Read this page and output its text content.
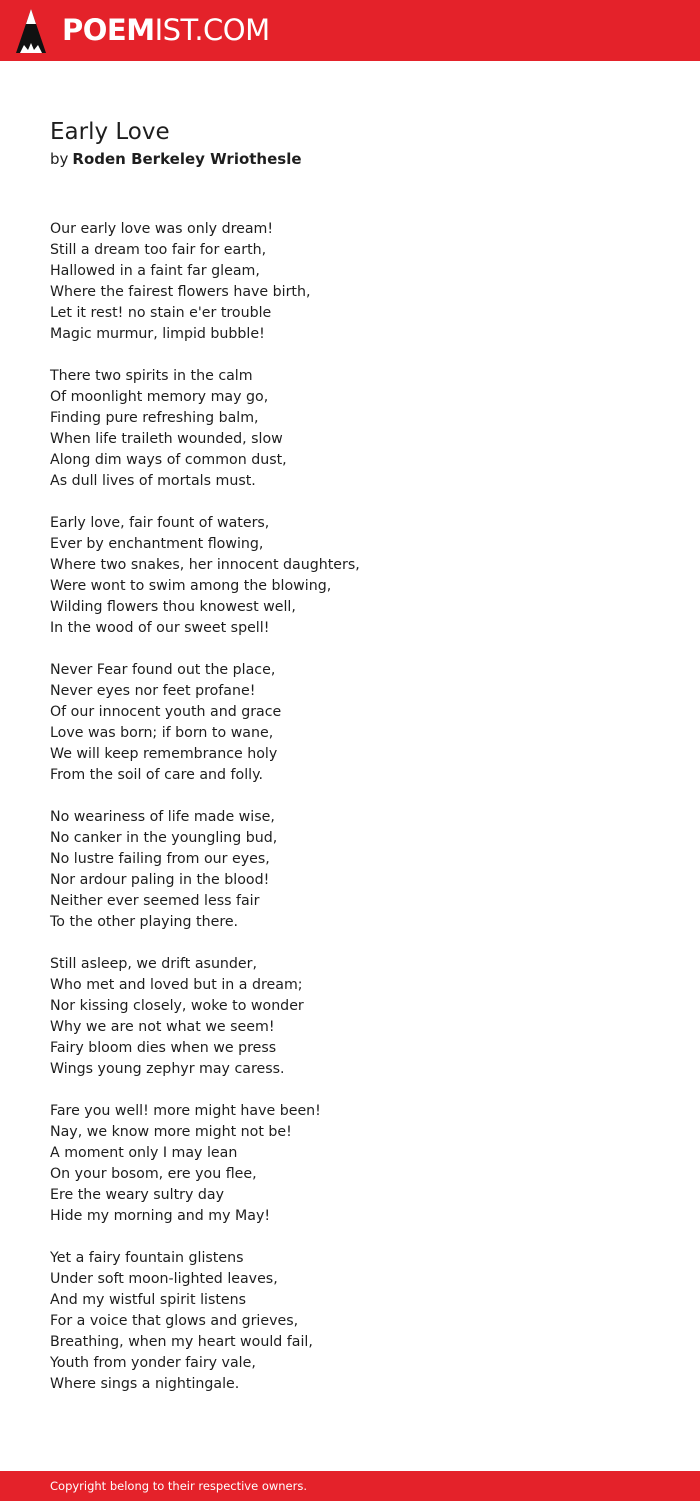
POEMIST.COM
Early Love
by Roden Berkeley Wriothesle
Our early love was only dream!
Still a dream too fair for earth,
Hallowed in a faint far gleam,
Where the fairest flowers have birth,
Let it rest! no stain e'er trouble
Magic murmur, limpid bubble!
There two spirits in the calm
Of moonlight memory may go,
Finding pure refreshing balm,
When life traileth wounded, slow
Along dim ways of common dust,
As dull lives of mortals must.
Early love, fair fount of waters,
Ever by enchantment flowing,
Where two snakes, her innocent daughters,
Were wont to swim among the blowing,
Wilding flowers thou knowest well,
In the wood of our sweet spell!
Never Fear found out the place,
Never eyes nor feet profane!
Of our innocent youth and grace
Love was born; if born to wane,
We will keep remembrance holy
From the soil of care and folly.
No weariness of life made wise,
No canker in the youngling bud,
No lustre failing from our eyes,
Nor ardour paling in the blood!
Neither ever seemed less fair
To the other playing there.
Still asleep, we drift asunder,
Who met and loved but in a dream;
Nor kissing closely, woke to wonder
Why we are not what we seem!
Fairy bloom dies when we press
Wings young zephyr may caress.
Fare you well! more might have been!
Nay, we know more might not be!
A moment only I may lean
On your bosom, ere you flee,
Ere the weary sultry day
Hide my morning and my May!
Yet a fairy fountain glistens
Under soft moon-lighted leaves,
And my wistful spirit listens
For a voice that glows and grieves,
Breathing, when my heart would fail,
Youth from yonder fairy vale,
Where sings a nightingale.
Copyright belong to their respective owners.
